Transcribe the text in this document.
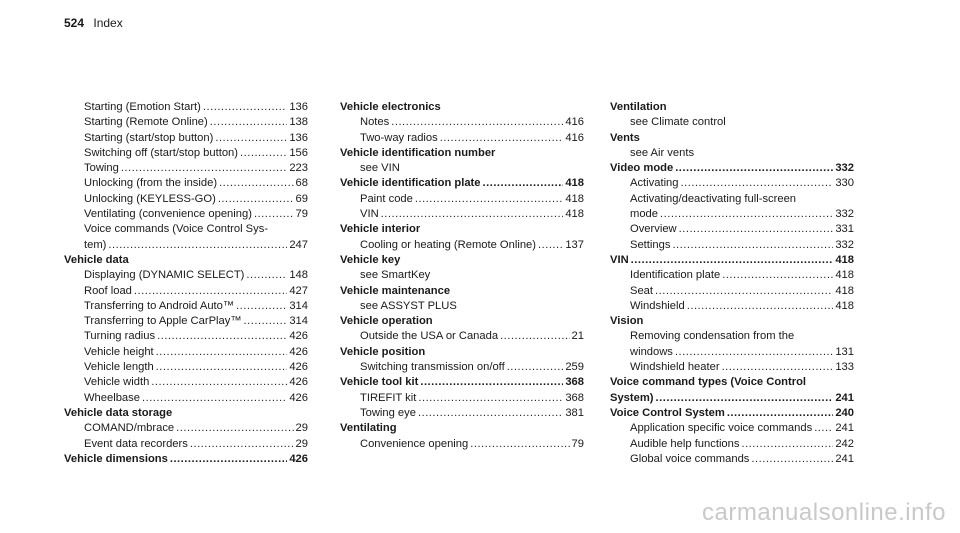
524 Index
Starting (Emotion Start) .....	136
Starting (Remote Online) .....	138
Starting (start/stop button) .....	136
Switching off (start/stop button) .....	156
Towing .....	223
Unlocking (from the inside) .....	68
Unlocking (KEYLESS-GO) .....	69
Ventilating (convenience opening) .....	79
Voice commands (Voice Control Sys-
tem) .....	247
Vehicle data
Displaying (DYNAMIC SELECT) .....	148
Roof load .....	427
Transferring to Android Auto™ .....	314
Transferring to Apple CarPlay™ .....	314
Turning radius .....	426
Vehicle height .....	426
Vehicle length .....	426
Vehicle width .....	426
Wheelbase .....	426
Vehicle data storage
COMAND/mbrace .....	29
Event data recorders .....	29
Vehicle dimensions .....	426
Vehicle electronics
Notes .....	416
Two-way radios .....	416
Vehicle identification number
see VIN
Vehicle identification plate .....	418
Paint code .....	418
VIN .....	418
Vehicle interior
Cooling or heating (Remote Online) .....	137
Vehicle key
see SmartKey
Vehicle maintenance
see ASSYST PLUS
Vehicle operation
Outside the USA or Canada .....	21
Vehicle position
Switching transmission on/off .....	259
Vehicle tool kit .....	368
TIREFIT kit .....	368
Towing eye .....	381
Ventilating
Convenience opening .....	79
Ventilation
see Climate control
Vents
see Air vents
Video mode .....	332
Activating .....	330
Activating/deactivating full-screen
mode .....	332
Overview .....	331
Settings .....	332
VIN .....	418
Identification plate .....	418
Seat .....	418
Windshield .....	418
Vision
Removing condensation from the
windows .....	131
Windshield heater .....	133
Voice command types (Voice Control
System) .....	241
Voice Control System .....	240
Application specific voice commands ..... 241
Audible help functions .....	242
Global voice commands .....	241
carmanualsonline.info
